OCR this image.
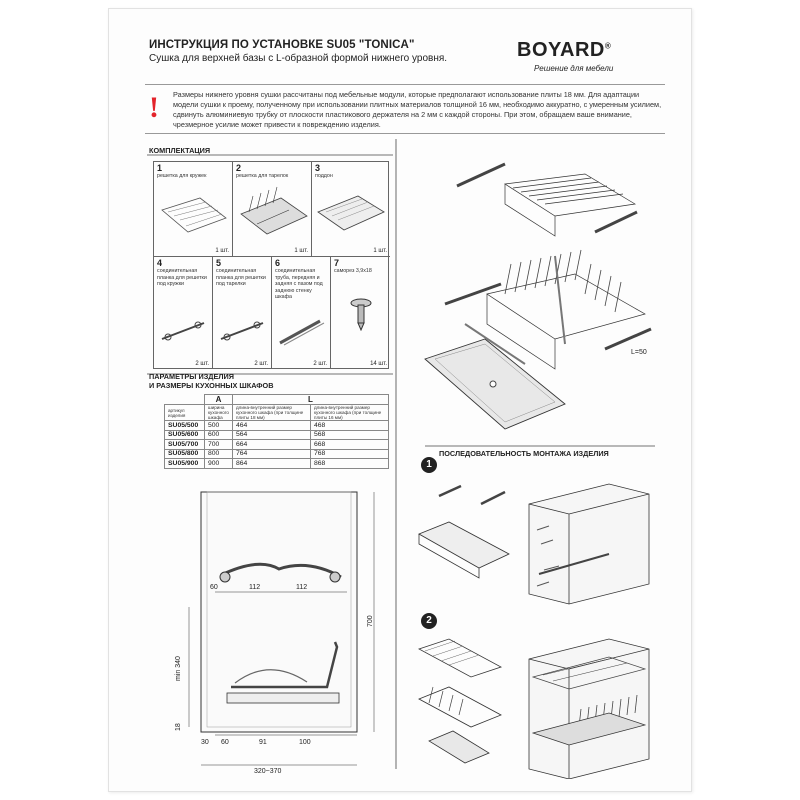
ИНСТРУКЦИЯ ПО УСТАНОВКЕ SU05 "TONICA"
Сушка для верхней базы с L-образной формой нижнего уровня.	BOYARD®
Решение для мебели
! Размеры нижнего уровня сушки рассчитаны под мебельные модули, которые предполагают использование плиты 18 мм. Для адаптации модели сушки к проему, полученному при использовании плитных материалов толщиной 16 мм, необходимо аккуратно, с умеренным усилием, сдвинуть алюминиевую трубку от плоскости пластикового держателя на 2 мм с каждой стороны. При этом, обращаем ваше внимание, чрезмерное усилие может привести к повреждению изделия.
КОМПЛЕКТАЦИЯ
1
решетка для кружек
1 шт.
2
решетка для тарелок
1 шт.
3
поддон
1 шт.
4
соединительная планка для решетки под кружки
2 шт.
5
соединительная планка для решетки под тарелки
2 шт.
6
соединительная труба, передняя и задняя с пазом под заднюю стенку шкафа
2 шт.
7
саморез 3,9х18
14 шт.
ПАРАМЕТРЫ ИЗДЕЛИЯ
И РАЗМЕРЫ КУХОННЫХ ШКАФОВ
	A	L	
артикул изделия	ширина кухонного шкафа	длина-внутренний размер кухонного шкафа (при толщине плиты 18 мм)	длина-внутренний размер кухонного шкафа (при толщине плиты 16 мм)
SU05/500	500	464	468
SU05/600	600	564	568
SU05/700	700	664	668
SU05/800	800	764	768
SU05/900	900	864	868
60	112	112
30 60	91	100
320~370
700
min 340
18
L=50
ПОСЛЕДОВАТЕЛЬНОСТЬ МОНТАЖА ИЗДЕЛИЯ
1
2
